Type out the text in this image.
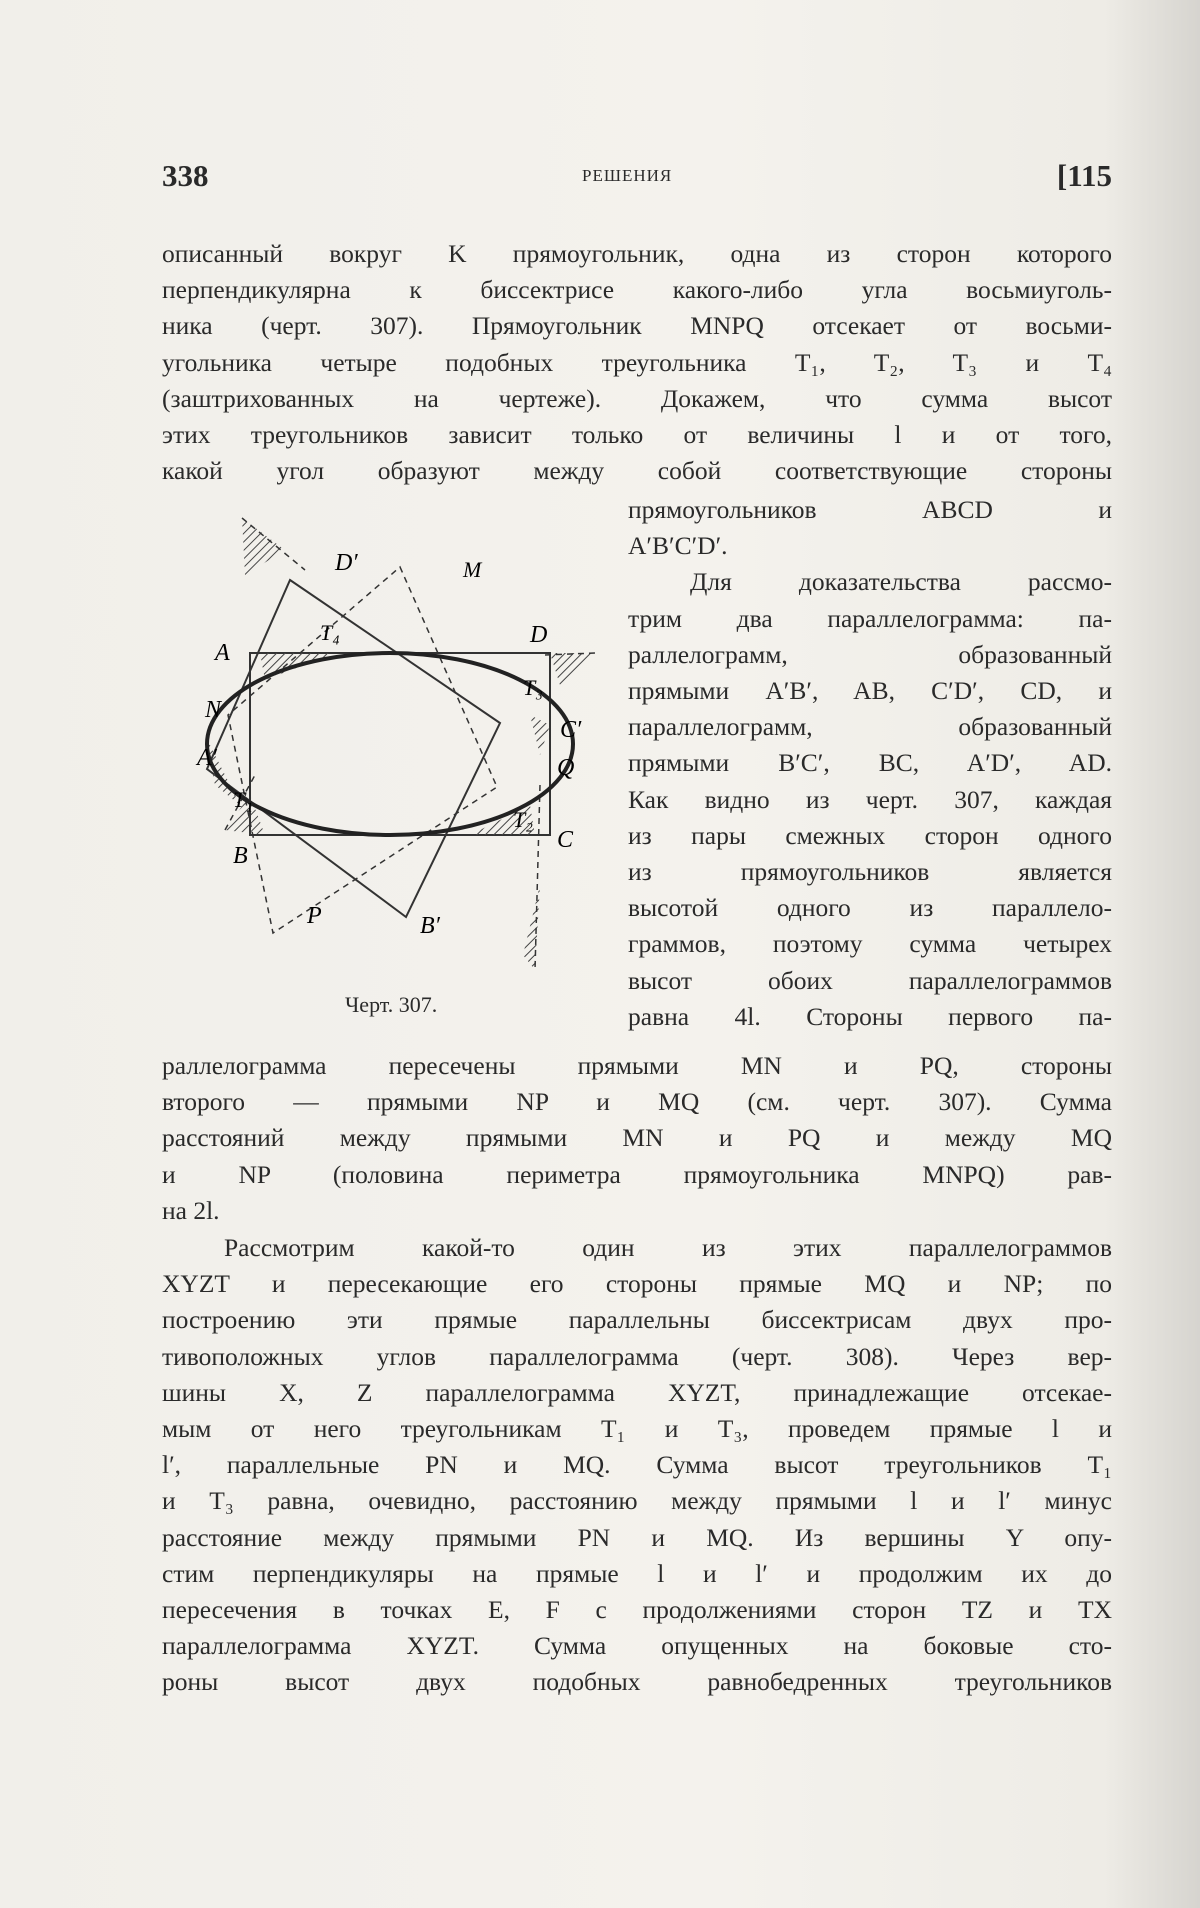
338	РЕШЕНИЯ	[115
описанный вокруг K прямоугольник, одна из сторон которого
перпендикулярна к биссектрисе какого-либо угла восьмиуголь-
ника (черт. 307). Прямоугольник MNPQ отсекает от восьми-
угольника четыре подобных треугольника T₁, T₂, T₃ и T₄
(заштрихованных на чертеже). Докажем, что сумма высот
этих треугольников зависит только от величины l и от того,
какой угол образуют между собой соответствующие стороны
прямоугольников ABCD и
A′B′C′D′.
Для доказательства рассмо-
трим два параллелограмма: па-
раллелограмм, образованный
прямыми A′B′, AB, C′D′, CD, и
параллелограмм, образованный
прямыми B′C′, BC, A′D′, AD.
Как видно из черт. 307, каждая
из пары смежных сторон одного
из прямоугольников является
высотой одного из параллело-
граммов, поэтому сумма четырех
высот обоих параллелограммов
равна 4l. Стороны первого па-
A
B
C
D
A′
B′
C′
D′	M
N
P
Q
T₁
T₂
T₃
T₄
Черт. 307.
раллелограмма пересечены прямыми MN и PQ, стороны
второго — прямыми NP и MQ (см. черт. 307). Сумма
расстояний между прямыми MN и PQ и между MQ
и NP (половина периметра прямоугольника MNPQ) рав-
на 2l.
Рассмотрим какой-то один из этих параллелограммов
XYZT и пересекающие его стороны прямые MQ и NP; по
построению эти прямые параллельны биссектрисам двух про-
тивоположных углов параллелограмма (черт. 308). Через вер-
шины X, Z параллелограмма XYZT, принадлежащие отсекае-
мым от него треугольникам T₁ и T₃, проведем прямые l и
l′, параллельные PN и MQ. Сумма высот треугольников T₁
и T₃ равна, очевидно, расстоянию между прямыми l и l′ минус
расстояние между прямыми PN и MQ. Из вершины Y опу-
стим перпендикуляры на прямые l и l′ и продолжим их до
пересечения в точках E, F с продолжениями сторон TZ и TX
параллелограмма XYZT. Сумма опущенных на боковые сто-
роны высот двух подобных равнобедренных треугольников
